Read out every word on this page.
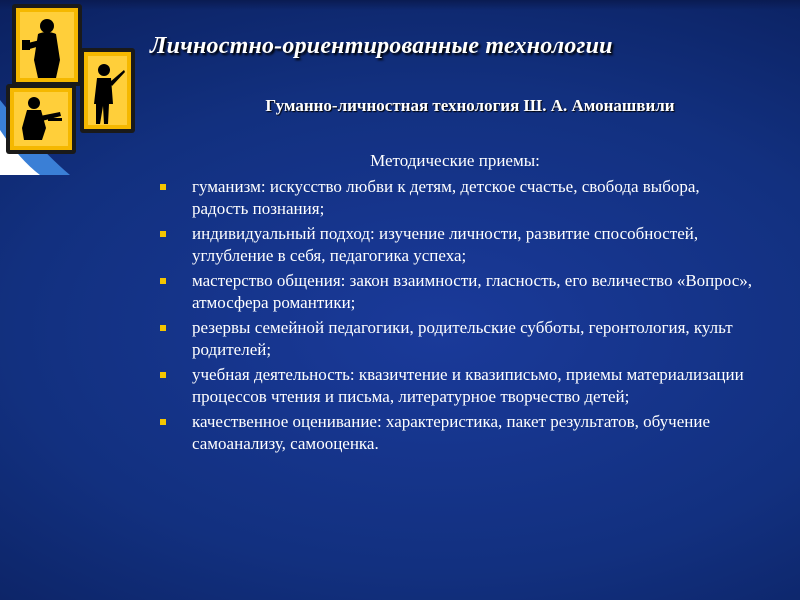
Личностно-ориентированные технологии
Гуманно-личностная технология Ш. А. Амонашвили
Методические приемы:
гуманизм: искусство любви к детям, детское счастье, свобода выбора, радость познания;
индивидуальный подход: изучение личности, развитие способностей, углубление в себя, педагогика успеха;
мастерство общения: закон взаимности, гласность, его величество «Вопрос», атмосфера романтики;
резервы семейной педагогики, родительские субботы, геронтология, культ родителей;
учебная деятельность: квазичтение и квазиписьмо, приемы материализации процессов чтения и письма, литературное творчество детей;
качественное оценивание: характеристика, пакет результатов, обучение самоанализу, самооценка.
